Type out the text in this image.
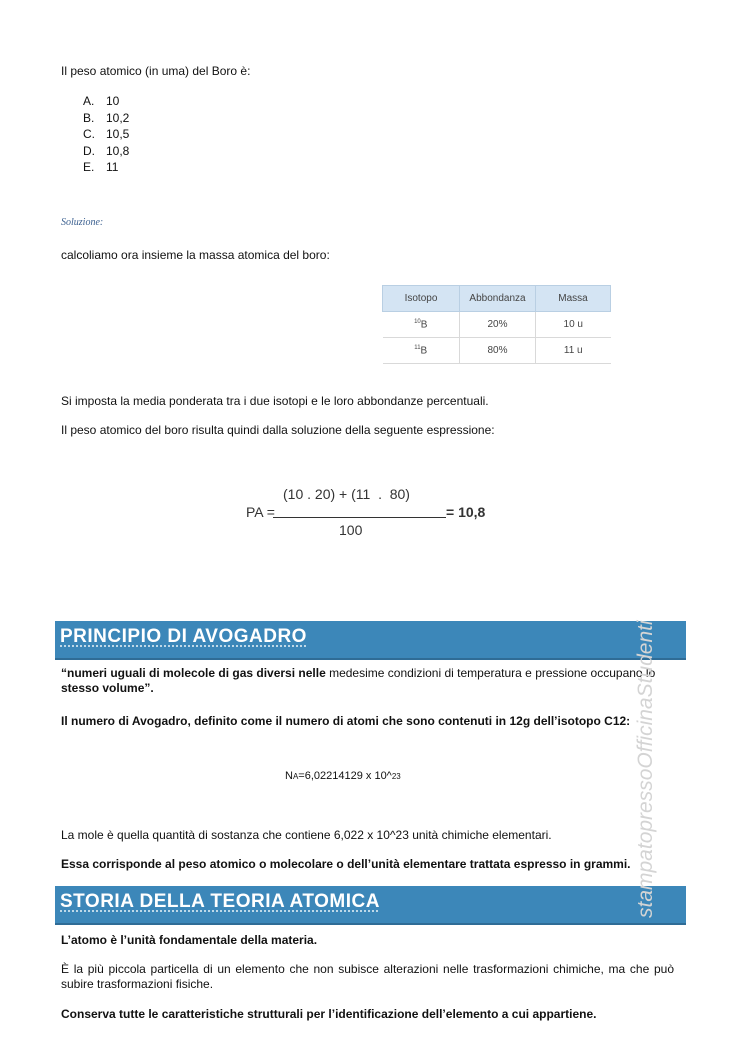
Il peso atomico (in uma) del Boro è:
A. 10
B. 10,2
C. 10,5
D. 10,8
E. 11
Soluzione:
calcoliamo ora insieme la massa atomica del boro:
Isotopo	Abbondanza	Massa
$^{10}$B	20%	10 u
$^{11}$B	80%	11 u
Si imposta la media ponderata tra i due isotopi e le loro abbondanze percentuali.
Il peso atomico del boro risulta quindi dalla soluzione della seguente espressione:
(10 . 20) + (11  .  80)
PA =	= 10,8
100
PRINCIPIO DI AVOGADRO
“numeri uguali di molecole di gas diversi nelle medesime condizioni di temperatura e pressione occupano lo
stesso volume”.
Il numero di Avogadro, definito come il numero di atomi che sono contenuti in 12g dell’isotopo C12:
NA=6,02214129 x 10^23
La mole è quella quantità di sostanza che contiene 6,022 x 10^23 unità chimiche elementari.
Essa corrisponde al peso atomico o molecolare o dell’unità elementare trattata espresso in grammi.
STORIA DELLA TEORIA ATOMICA
L’atomo è l’unità fondamentale della materia.
È la più piccola particella di un elemento che non subisce alterazioni nelle trasformazioni chimiche, ma che può subire trasformazioni fisiche.
Conserva tutte le caratteristiche strutturali per l’identificazione dell’elemento a cui appartiene.
stampatopressoOfficinaStudenti
